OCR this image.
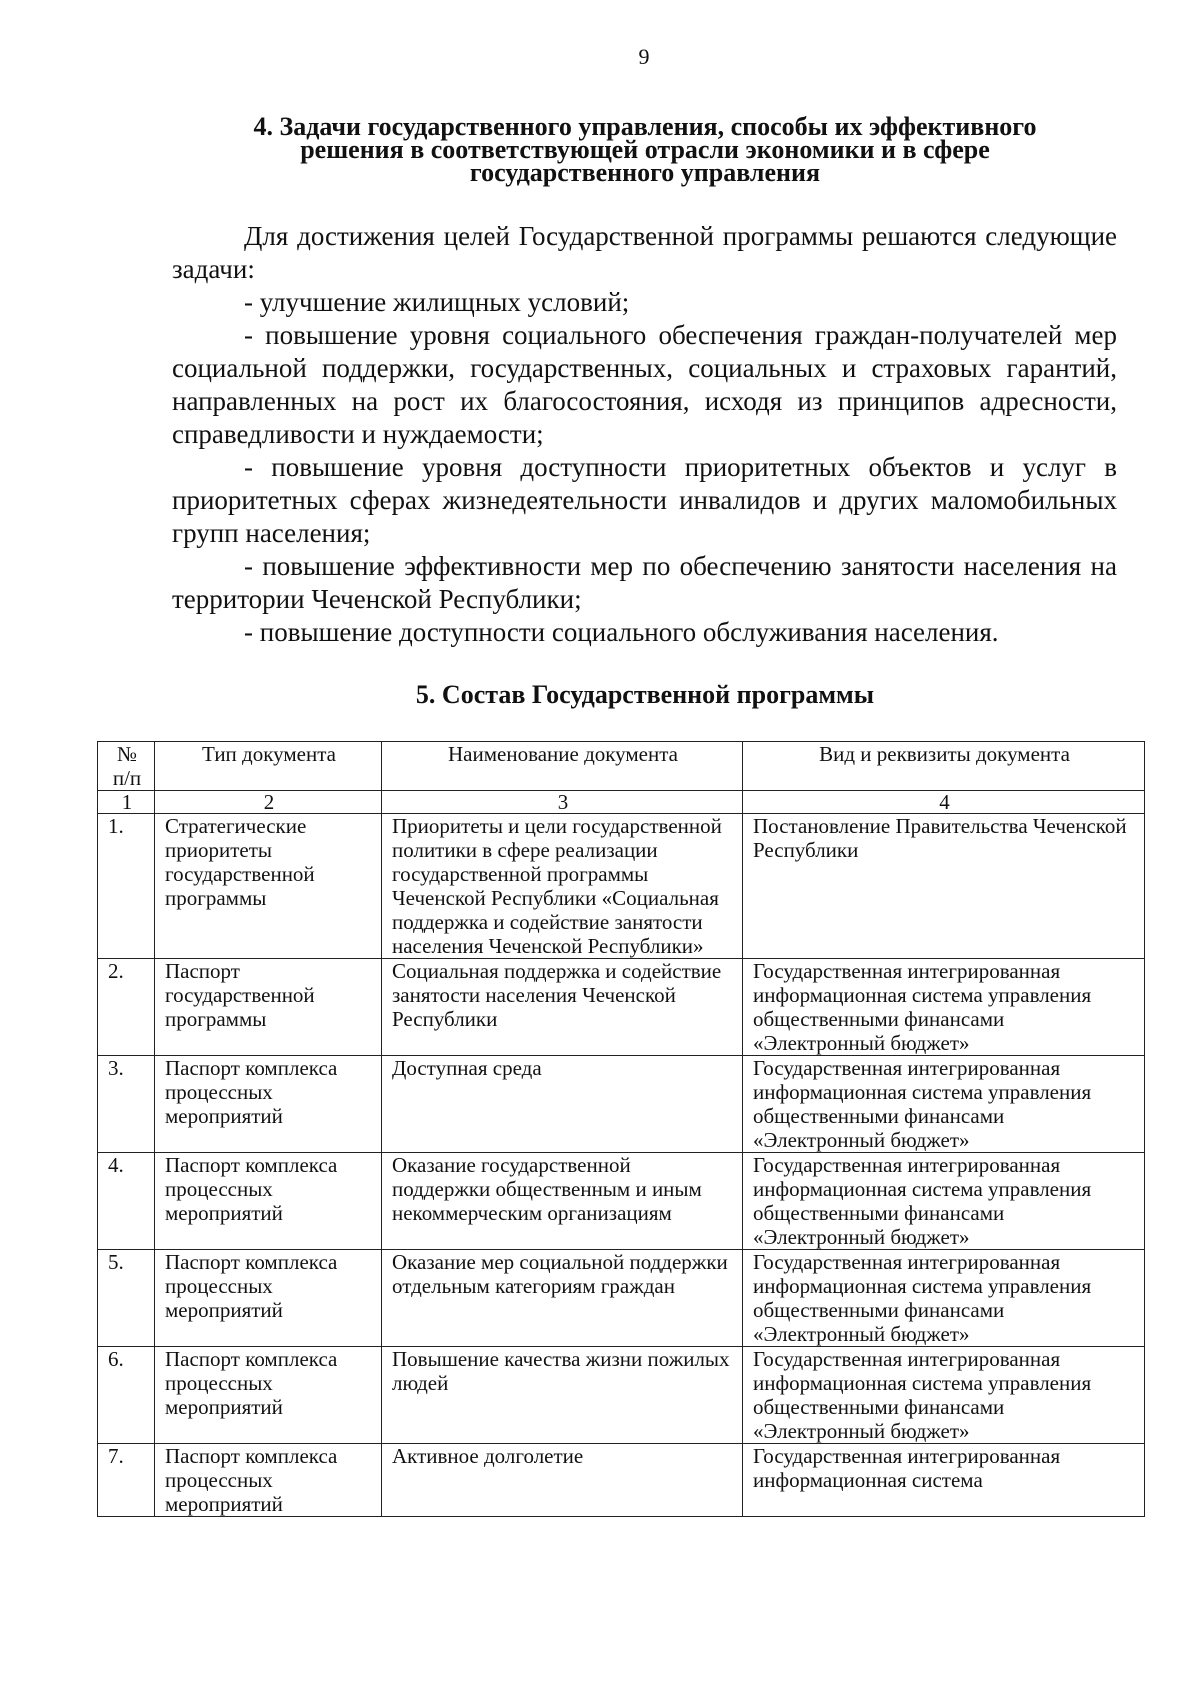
9
4. Задачи государственного управления, способы их эффективного
решения в соответствующей отрасли экономики и в сфере
государственного управления

Для достижения целей Государственной программы решаются следующие задачи:

- улучшение жилищных условий;

- повышение уровня социального обеспечения граждан-получателей мер социальной поддержки, государственных, социальных и страховых гарантий, направленных на рост их благосостояния, исходя из принципов адресности, справедливости и нуждаемости;

- повышение уровня доступности приоритетных объектов и услуг в приоритетных сферах жизнедеятельности инвалидов и других маломобильных групп населения;

- повышение эффективности мер по обеспечению занятости населения на территории Чеченской Республики;

- повышение доступности социального обслуживания населения.

5. Состав Государственной программы
№ п/п	Тип документа	Наименование документа	Вид и реквизиты документа
1	2	3	4
1.	Стратегические приоритеты государственной программы	Приоритеты и цели государственной политики в сфере реализации государственной программы Чеченской Республики «Социальная поддержка и содействие занятости населения Чеченской Республики»	Постановление Правительства Чеченской Республики
2.	Паспорт государственной программы	Социальная поддержка и содействие занятости населения Чеченской Республики	Государственная интегрированная информационная система управления общественными финансами «Электронный бюджет»
3.	Паспорт комплекса процессных мероприятий	Доступная среда	Государственная интегрированная информационная система управления общественными финансами «Электронный бюджет»
4.	Паспорт комплекса процессных мероприятий	Оказание государственной поддержки общественным и иным некоммерческим организациям	Государственная интегрированная информационная система управления общественными финансами «Электронный бюджет»
5.	Паспорт комплекса процессных мероприятий	Оказание мер социальной поддержки отдельным категориям граждан	Государственная интегрированная информационная система управления общественными финансами «Электронный бюджет»
6.	Паспорт комплекса процессных мероприятий	Повышение качества жизни пожилых людей	Государственная интегрированная информационная система управления общественными финансами «Электронный бюджет»
7.	Паспорт комплекса процессных мероприятий	Активное долголетие	Государственная интегрированная информационная система
